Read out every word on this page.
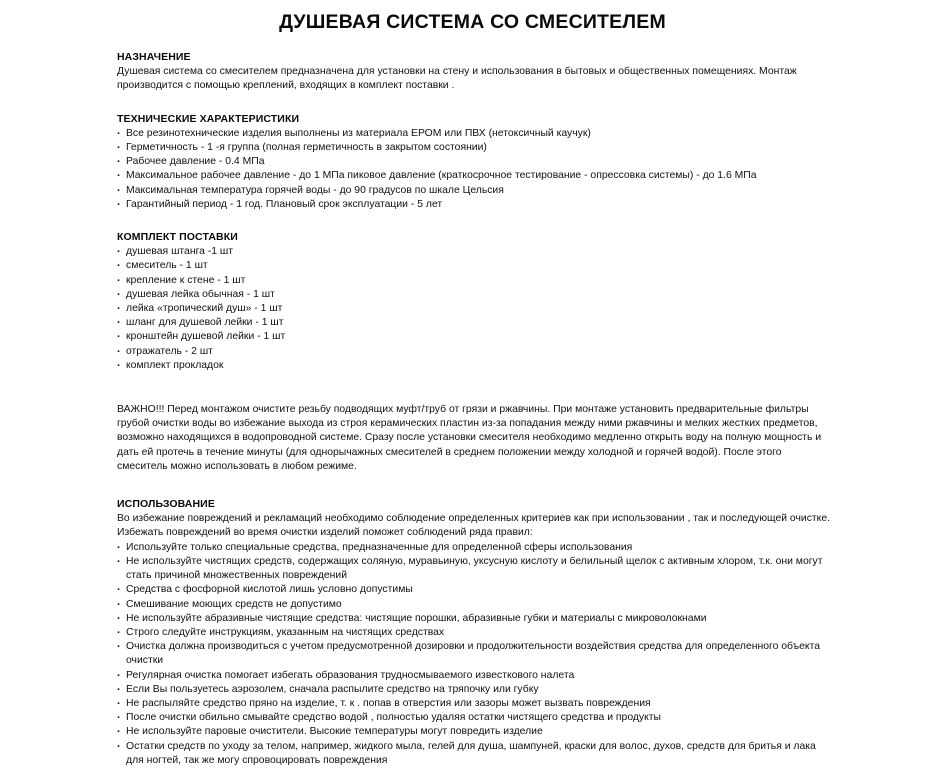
ДУШЕВАЯ СИСТЕМА СО СМЕСИТЕЛЕМ
НАЗНАЧЕНИЕ

Душевая система со смесителем предназначена для установки на стену и использования в бытовых и общественных помещениях. Монтаж производится с помощью креплений, входящих в комплект поставки .

ТЕХНИЧЕСКИЕ ХАРАКТЕРИСТИКИ
· Все резинотехнические изделия выполнены из материала ЕРОМ или ПВХ (нетоксичный каучук)
· Герметичность - 1 -я группа (полная герметичность в закрытом состоянии)
· Рабочее давление - 0.4 МПа
· Максимальное рабочее давление - до 1 МПа пиковое давление (краткосрочное тестирование - опрессовка системы) - до 1.6 МПа
· Максимальная температура горячей воды - до 90 градусов по шкале Цельсия
· Гарантийный период - 1 год. Плановый срок эксплуатации - 5 лет
КОМПЛЕКТ ПОСТАВКИ
· душевая штанга -1 шт
· смеситель - 1 шт
· крепление к стене - 1 шт
· душевая лейка обычная - 1 шт
· лейка «тропический душ» - 1 шт
· шланг для душевой лейки - 1 шт
· кронштейн душевой лейки - 1 шт
· отражатель - 2 шт
· комплект прокладок

ВАЖНО!!! Перед монтажом очистите резьбу подводящих муфт/труб от грязи и ржавчины. При монтаже установить предварительные фильтры грубой очистки воды во избежание выхода из строя керамических пластин из-за попадания между ними ржавчины и мелких жестких предметов, возможно находящихся в водопроводной системе. Сразу после установки смесителя необходимо медленно открыть воду на полную мощность и дать ей протечь в течение минуты (для однорычажных смесителей в среднем положении между холодной и горячей водой). После этого смеситель можно использовать в любом режиме.

ИСПОЛЬЗОВАНИЕ

Во избежание повреждений и рекламаций необходимо соблюдение определенных критериев как при использовании , так и последующей очистке. Избежать повреждений во время очистки изделий поможет соблюдений ряда правил:

· Используйте только специальные средства, предназначенные для определенной сферы использования
· Не используйте чистящих средств, содержащих соляную, муравьиную, уксусную кислоту и белильный щелок с активным хлором, т.к. они могут стать причиной множественных повреждений
· Средства с фосфорной кислотой лишь условно допустимы
· Смешивание моющих средств не допустимо
· Не используйте абразивные чистящие средства: чистящие порошки, абразивные губки и материалы с микроволокнами
· Строго следуйте инструкциям, указанным на чистящих средствах
· Очистка должна производиться с учетом предусмотренной дозировки и продолжительности воздействия средства для определенного объекта очистки
· Регулярная очистка помогает избегать образования трудносмываемого известкового налета
· Если Вы пользуетесь аэрозолем, сначала распылите средство на тряпочку или губку
· Не распыляйте средство пряно на изделие, т. к . попав в отверстия или зазоры может вызвать повреждения
· После очистки обильно смывайте средство водой , полностью удаляя остатки чистящего средства и продукты
· Не используйте паровые очистители. Высокие температуры могут повредить изделие
· Остатки средств по уходу за телом, например, жидкого мыла, гелей для душа, шампуней, краски для волос, духов, средств для бритья и лака для ногтей, так же могу спровоцировать повреждения
